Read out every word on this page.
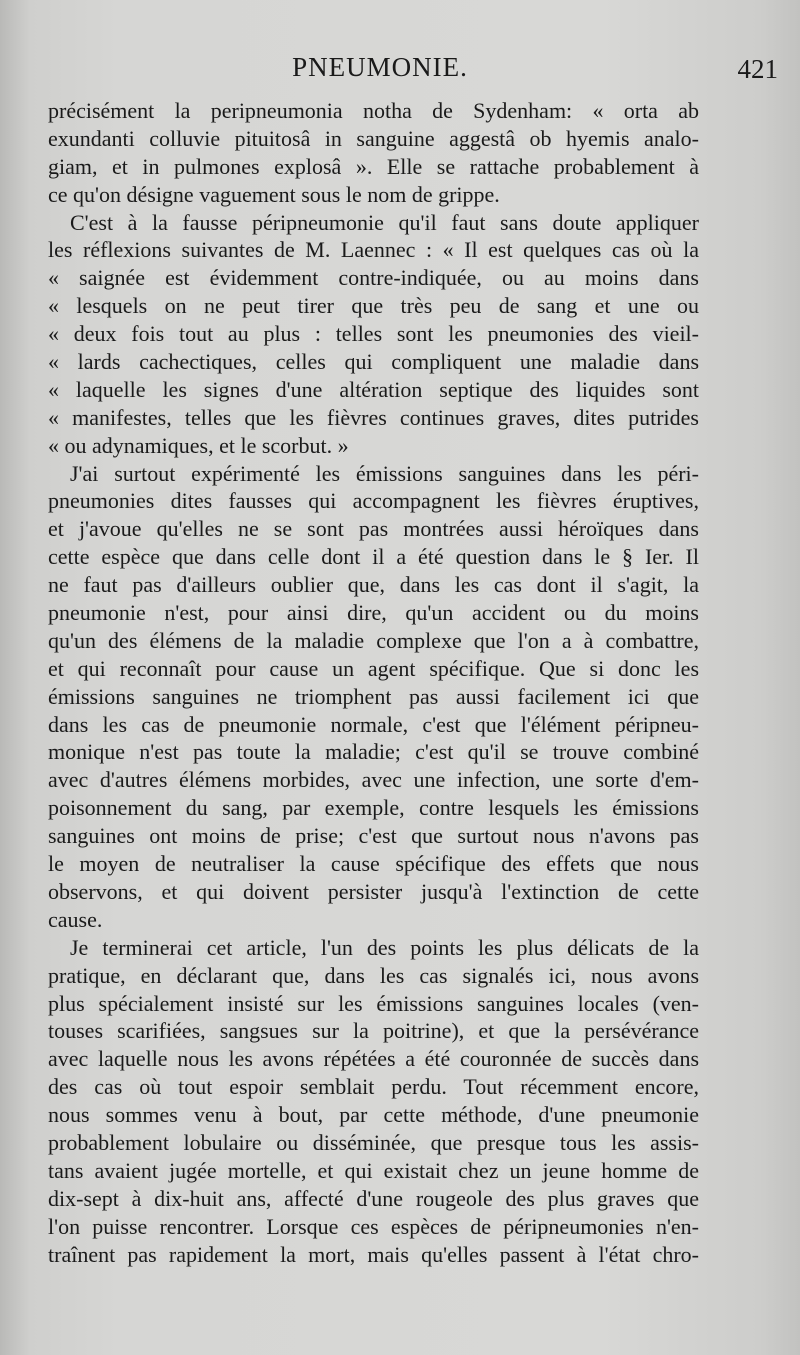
PNEUMONIE.	421
précisément la peripneumonia notha de Sydenham: « orta ab
exundanti colluvie pituitosâ in sanguine aggestâ ob hyemis analo-
giam, et in pulmones explosâ ». Elle se rattache probablement à
ce qu'on désigne vaguement sous le nom de grippe.
C'est à la fausse péripneumonie qu'il faut sans doute appliquer
les réflexions suivantes de M. Laennec : « Il est quelques cas où la
« saignée est évidemment contre-indiquée, ou au moins dans
« lesquels on ne peut tirer que très peu de sang et une ou
« deux fois tout au plus : telles sont les pneumonies des vieil-
« lards cachectiques, celles qui compliquent une maladie dans
« laquelle les signes d'une altération septique des liquides sont
« manifestes, telles que les fièvres continues graves, dites putrides
« ou adynamiques, et le scorbut. »
J'ai surtout expérimenté les émissions sanguines dans les péri-
pneumonies dites fausses qui accompagnent les fièvres éruptives,
et j'avoue qu'elles ne se sont pas montrées aussi héroïques dans
cette espèce que dans celle dont il a été question dans le § Ier. Il
ne faut pas d'ailleurs oublier que, dans les cas dont il s'agit, la
pneumonie n'est, pour ainsi dire, qu'un accident ou du moins
qu'un des élémens de la maladie complexe que l'on a à combattre,
et qui reconnaît pour cause un agent spécifique. Que si donc les
émissions sanguines ne triomphent pas aussi facilement ici que
dans les cas de pneumonie normale, c'est que l'élément péripneu-
monique n'est pas toute la maladie; c'est qu'il se trouve combiné
avec d'autres élémens morbides, avec une infection, une sorte d'em-
poisonnement du sang, par exemple, contre lesquels les émissions
sanguines ont moins de prise; c'est que surtout nous n'avons pas
le moyen de neutraliser la cause spécifique des effets que nous
observons, et qui doivent persister jusqu'à l'extinction de cette
cause.
Je terminerai cet article, l'un des points les plus délicats de la
pratique, en déclarant que, dans les cas signalés ici, nous avons
plus spécialement insisté sur les émissions sanguines locales (ven-
touses scarifiées, sangsues sur la poitrine), et que la persévérance
avec laquelle nous les avons répétées a été couronnée de succès dans
des cas où tout espoir semblait perdu. Tout récemment encore,
nous sommes venu à bout, par cette méthode, d'une pneumonie
probablement lobulaire ou disséminée, que presque tous les assis-
tans avaient jugée mortelle, et qui existait chez un jeune homme de
dix-sept à dix-huit ans, affecté d'une rougeole des plus graves que
l'on puisse rencontrer. Lorsque ces espèces de péripneumonies n'en-
traînent pas rapidement la mort, mais qu'elles passent à l'état chro-
